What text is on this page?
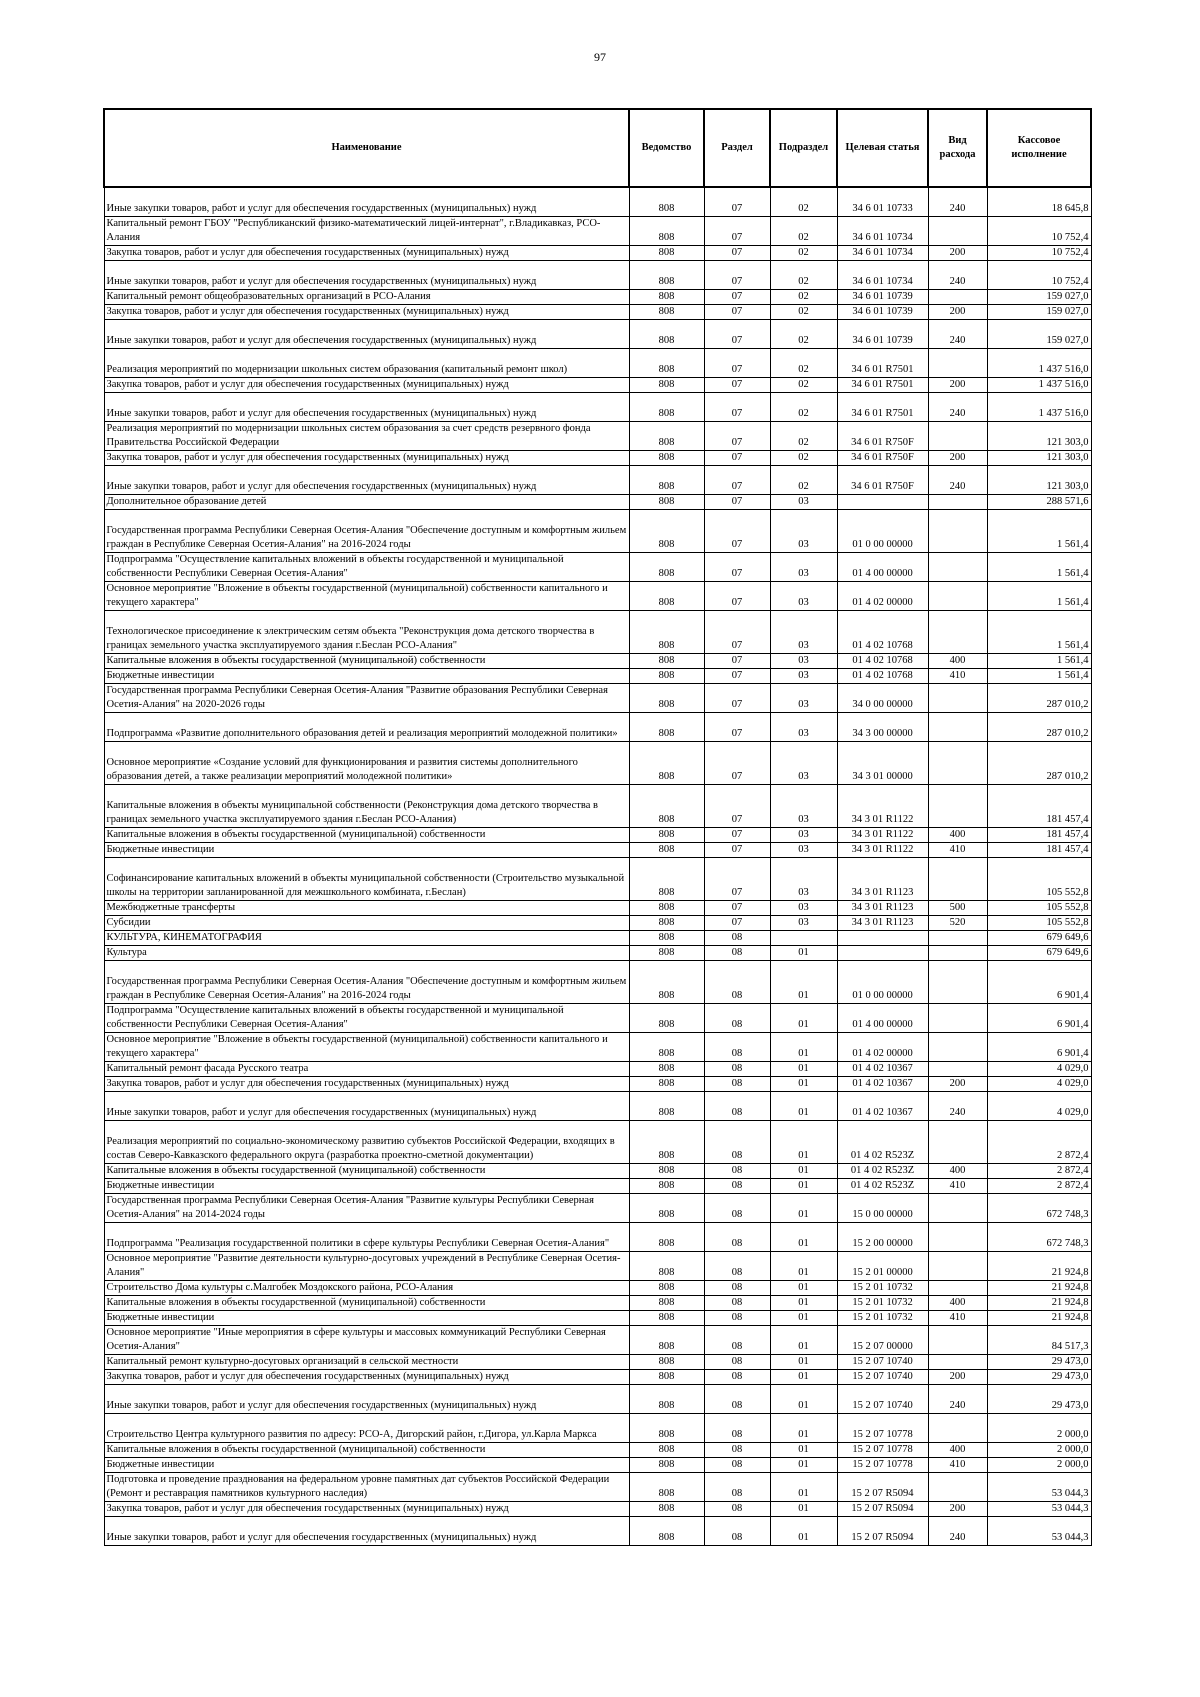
97
Наименование	Ведомство	Раздел	Подраздел	Целевая статья	Вид расхода	Кассовое исполнение
Иные закупки товаров, работ и услуг для обеспечения государственных (муниципальных) нужд	808	07	02	34 6 01 10733	240	18 645,8
Капитальный ремонт ГБОУ "Республиканский физико-математический лицей-интернат", г.Владикавказ, РСО-Алания	808	07	02	34 6 01 10734		10 752,4
Закупка товаров, работ и услуг для обеспечения государственных (муниципальных) нужд	808	07	02	34 6 01 10734	200	10 752,4
Иные закупки товаров, работ и услуг для обеспечения государственных (муниципальных) нужд	808	07	02	34 6 01 10734	240	10 752,4
Капитальный ремонт общеобразовательных организаций в РСО-Алания	808	07	02	34 6 01 10739		159 027,0
Закупка товаров, работ и услуг для обеспечения государственных (муниципальных) нужд	808	07	02	34 6 01 10739	200	159 027,0
Иные закупки товаров, работ и услуг для обеспечения государственных (муниципальных) нужд	808	07	02	34 6 01 10739	240	159 027,0
Реализация мероприятий по модернизации школьных систем образования (капитальный ремонт школ)	808	07	02	34 6 01 R7501		1 437 516,0
Закупка товаров, работ и услуг для обеспечения государственных (муниципальных) нужд	808	07	02	34 6 01 R7501	200	1 437 516,0
Иные закупки товаров, работ и услуг для обеспечения государственных (муниципальных) нужд	808	07	02	34 6 01 R7501	240	1 437 516,0
Реализация мероприятий по модернизации школьных систем образования за счет средств резервного фонда Правительства Российской Федерации	808	07	02	34 6 01 R750F		121 303,0
Закупка товаров, работ и услуг для обеспечения государственных (муниципальных) нужд	808	07	02	34 6 01 R750F	200	121 303,0
Иные закупки товаров, работ и услуг для обеспечения государственных (муниципальных) нужд	808	07	02	34 6 01 R750F	240	121 303,0
Дополнительное образование детей	808	07	03			288 571,6
Государственная программа Республики Северная Осетия-Алания "Обеспечение доступным и комфортным жильем граждан в Республике Северная Осетия-Алания" на 2016-2024 годы	808	07	03	01 0 00 00000		1 561,4
Подпрограмма "Осуществление капитальных вложений в объекты государственной и муниципальной собственности Республики Северная Осетия-Алания"	808	07	03	01 4 00 00000		1 561,4
Основное мероприятие "Вложение в объекты государственной (муниципальной) собственности капитального и текущего характера"	808	07	03	01 4 02 00000		1 561,4
Технологическое присоединение к электрическим сетям объекта "Реконструкция дома детского творчества в границах земельного участка эксплуатируемого здания г.Беслан РСО-Алания"	808	07	03	01 4 02 10768		1 561,4
Капитальные вложения в объекты государственной (муниципальной) собственности	808	07	03	01 4 02 10768	400	1 561,4
Бюджетные инвестиции	808	07	03	01 4 02 10768	410	1 561,4
Государственная программа Республики Северная Осетия-Алания "Развитие образования Республики Северная Осетия-Алания" на 2020-2026 годы	808	07	03	34 0 00 00000		287 010,2
Подпрограмма «Развитие дополнительного образования детей и реализация мероприятий молодежной политики»	808	07	03	34 3 00 00000		287 010,2
Основное мероприятие «Создание условий для функционирования и развития системы дополнительного образования детей, а также реализации мероприятий молодежной политики»	808	07	03	34 3 01 00000		287 010,2
Капитальные вложения в объекты муниципальной собственности (Реконструкция дома детского творчества в границах земельного участка эксплуатируемого здания г.Беслан РСО-Алания)	808	07	03	34 3 01 R1122		181 457,4
Капитальные вложения в объекты государственной (муниципальной) собственности	808	07	03	34 3 01 R1122	400	181 457,4
Бюджетные инвестиции	808	07	03	34 3 01 R1122	410	181 457,4
Софинансирование капитальных вложений в объекты муниципальной собственности (Строительство музыкальной школы на территории запланированной для межшкольного комбината, г.Беслан)	808	07	03	34 3 01 R1123		105 552,8
Межбюджетные трансферты	808	07	03	34 3 01 R1123	500	105 552,8
Субсидии	808	07	03	34 3 01 R1123	520	105 552,8
КУЛЬТУРА, КИНЕМАТОГРАФИЯ	808	08				679 649,6
Культура	808	08	01			679 649,6
Государственная программа Республики Северная Осетия-Алания "Обеспечение доступным и комфортным жильем граждан в Республике Северная Осетия-Алания" на 2016-2024 годы	808	08	01	01 0 00 00000		6 901,4
Подпрограмма "Осуществление капитальных вложений в объекты государственной и муниципальной собственности Республики Северная Осетия-Алания"	808	08	01	01 4 00 00000		6 901,4
Основное мероприятие "Вложение в объекты государственной (муниципальной) собственности капитального и текущего характера"	808	08	01	01 4 02 00000		6 901,4
Капитальный ремонт фасада Русского театра	808	08	01	01 4 02 10367		4 029,0
Закупка товаров, работ и услуг для обеспечения государственных (муниципальных) нужд	808	08	01	01 4 02 10367	200	4 029,0
Иные закупки товаров, работ и услуг для обеспечения государственных (муниципальных) нужд	808	08	01	01 4 02 10367	240	4 029,0
Реализация мероприятий по социально-экономическому развитию субъектов Российской Федерации, входящих в состав Северо-Кавказского федерального округа (разработка проектно-сметной документации)	808	08	01	01 4 02 R523Z		2 872,4
Капитальные вложения в объекты государственной (муниципальной) собственности	808	08	01	01 4 02 R523Z	400	2 872,4
Бюджетные инвестиции	808	08	01	01 4 02 R523Z	410	2 872,4
Государственная программа Республики Северная Осетия-Алания "Развитие культуры Республики Северная Осетия-Алания" на 2014-2024 годы	808	08	01	15 0 00 00000		672 748,3
Подпрограмма "Реализация государственной политики в сфере культуры Республики Северная Осетия-Алания"	808	08	01	15 2 00 00000		672 748,3
Основное мероприятие "Развитие деятельности культурно-досуговых учреждений в Республике Северная Осетия-Алания"	808	08	01	15 2 01 00000		21 924,8
Строительство Дома культуры с.Малгобек Моздокского района, РСО-Алания	808	08	01	15 2 01 10732		21 924,8
Капитальные вложения в объекты государственной (муниципальной) собственности	808	08	01	15 2 01 10732	400	21 924,8
Бюджетные инвестиции	808	08	01	15 2 01 10732	410	21 924,8
Основное мероприятие "Иные мероприятия в сфере культуры и массовых коммуникаций Республики Северная Осетия-Алания"	808	08	01	15 2 07 00000		84 517,3
Капитальный ремонт культурно-досуговых организаций в сельской местности	808	08	01	15 2 07 10740		29 473,0
Закупка товаров, работ и услуг для обеспечения государственных (муниципальных) нужд	808	08	01	15 2 07 10740	200	29 473,0
Иные закупки товаров, работ и услуг для обеспечения государственных (муниципальных) нужд	808	08	01	15 2 07 10740	240	29 473,0
Строительство Центра культурного развития по адресу: РСО-А, Дигорский район, г.Дигора, ул.Карла Маркса	808	08	01	15 2 07 10778		2 000,0
Капитальные вложения в объекты государственной (муниципальной) собственности	808	08	01	15 2 07 10778	400	2 000,0
Бюджетные инвестиции	808	08	01	15 2 07 10778	410	2 000,0
Подготовка и проведение празднования на федеральном уровне памятных дат субъектов Российской Федерации (Ремонт и реставрация памятников культурного наследия)	808	08	01	15 2 07 R5094		53 044,3
Закупка товаров, работ и услуг для обеспечения государственных (муниципальных) нужд	808	08	01	15 2 07 R5094	200	53 044,3
Иные закупки товаров, работ и услуг для обеспечения государственных (муниципальных) нужд	808	08	01	15 2 07 R5094	240	53 044,3
